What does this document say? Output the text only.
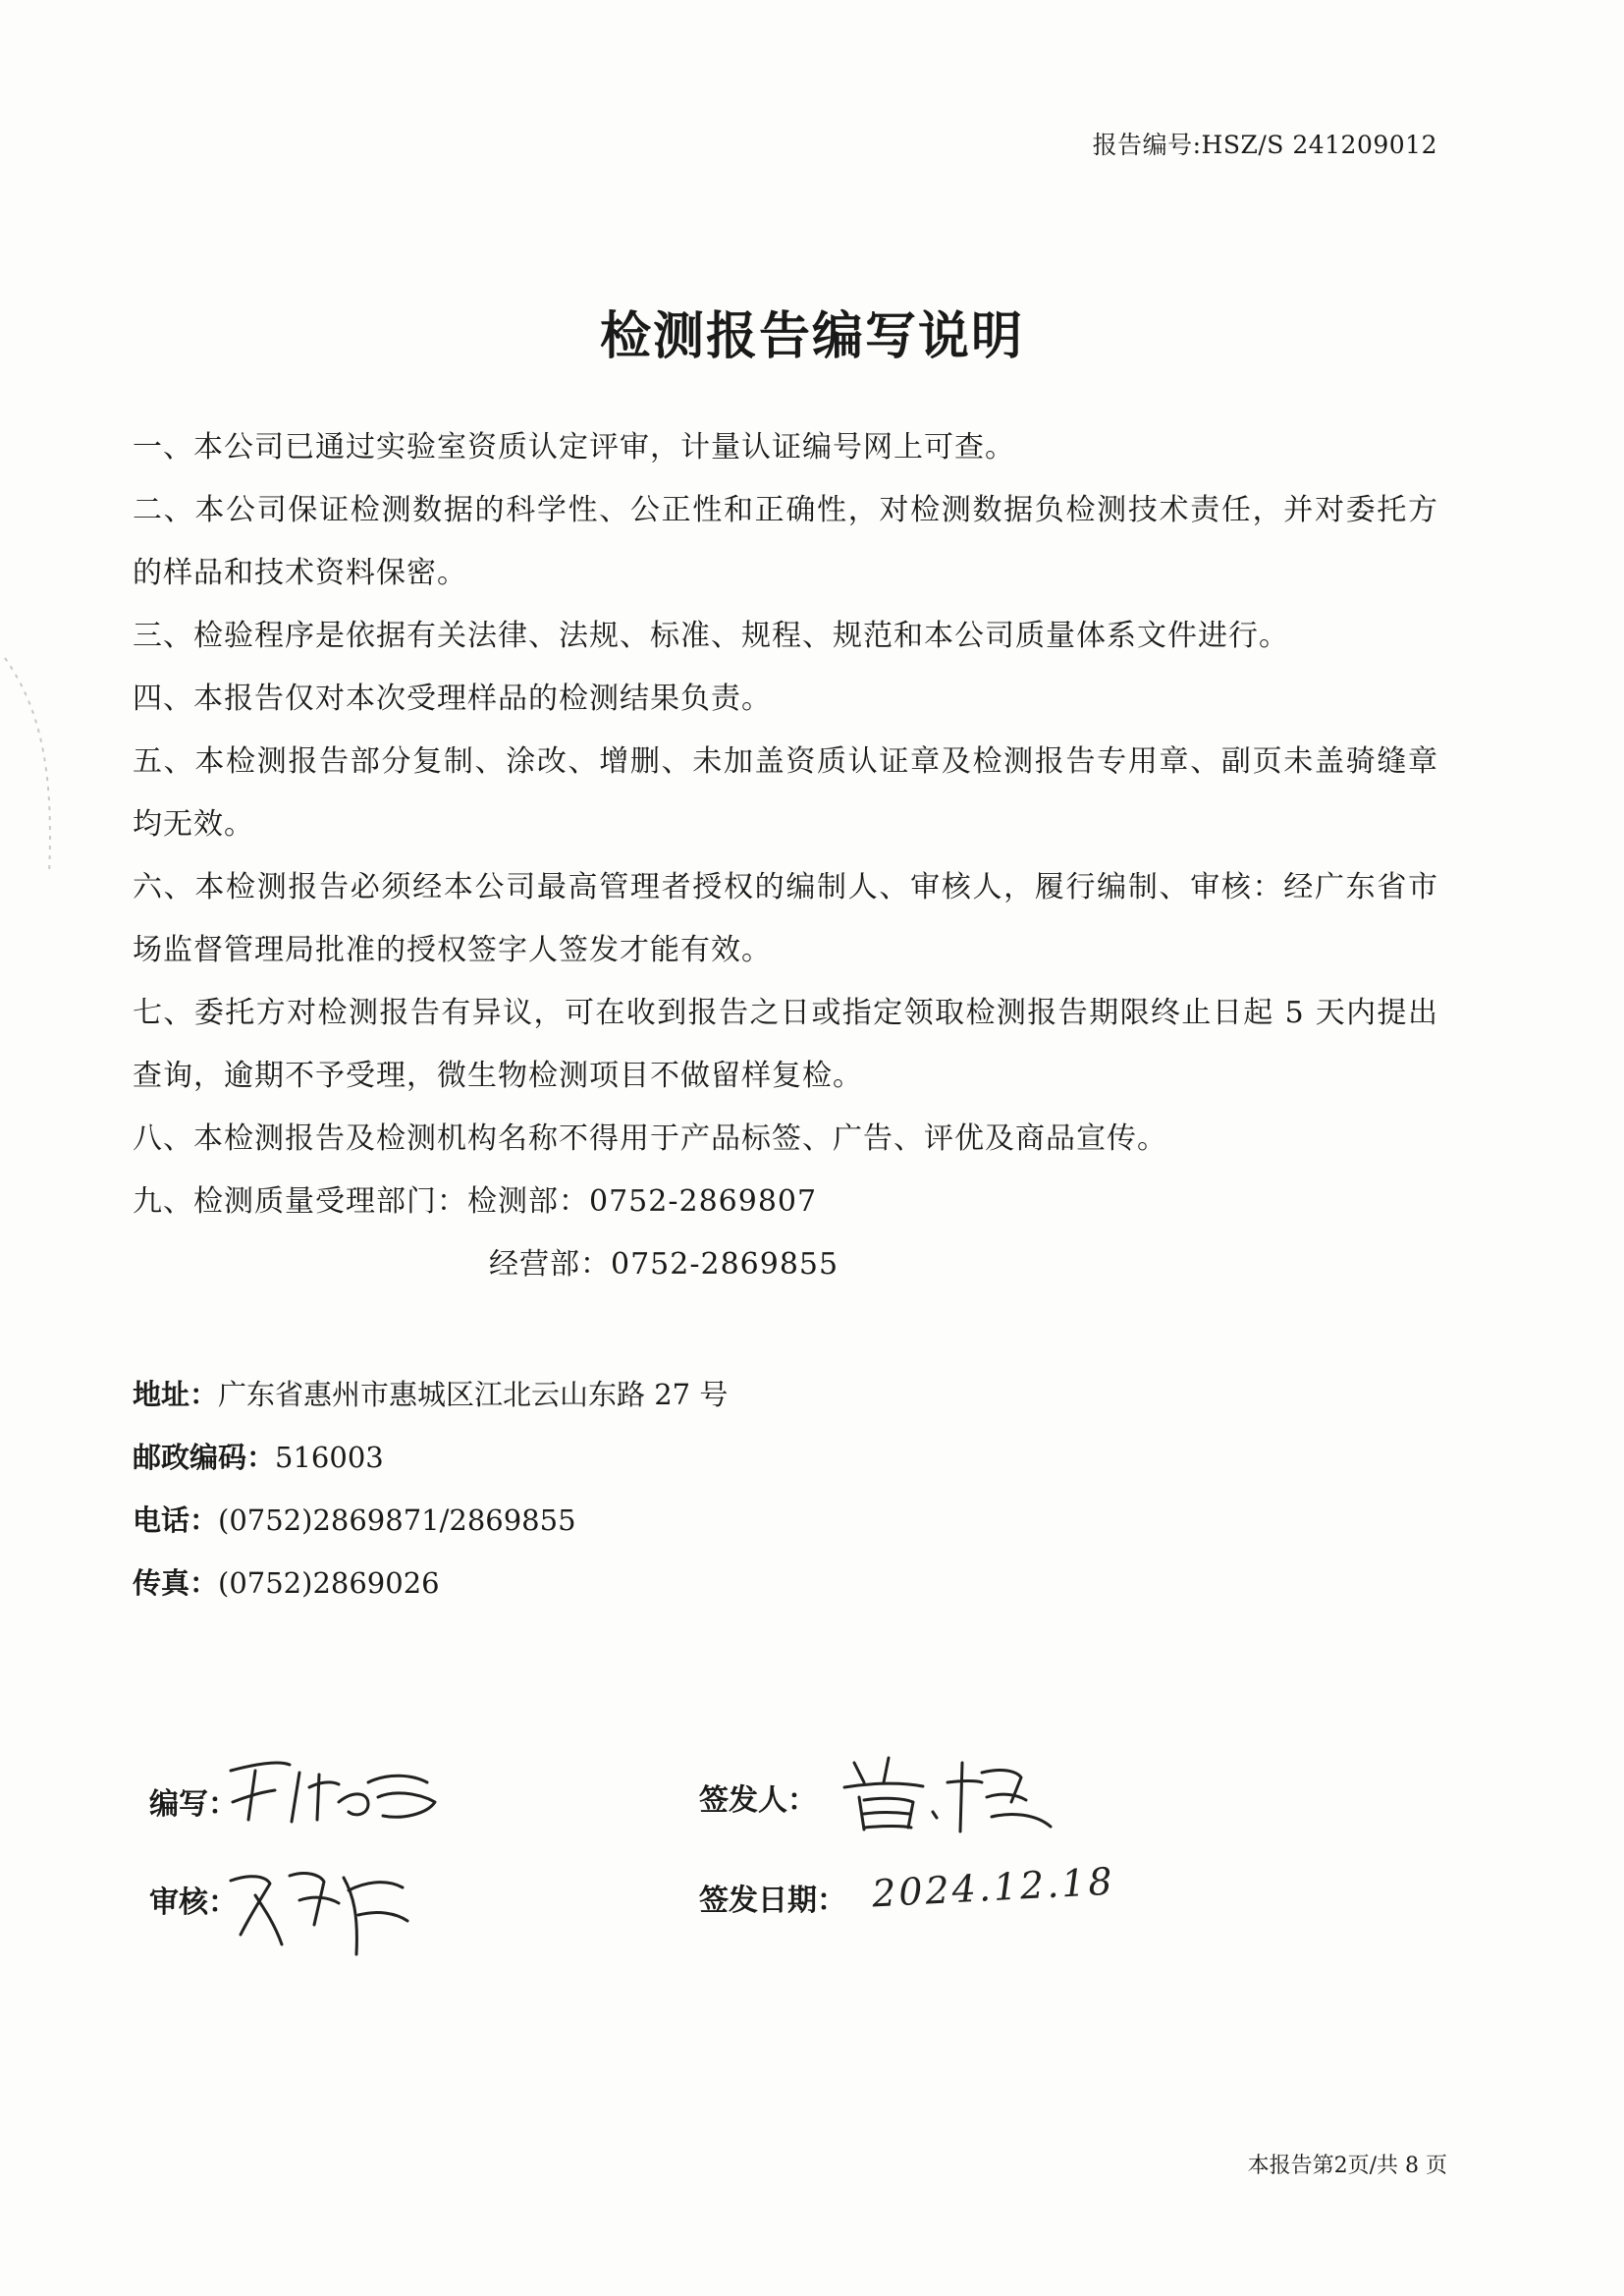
报告编号:HSZ/S 241209012
检测报告编写说明
一、本公司已通过实验室资质认定评审，计量认证编号网上可查。
二、本公司保证检测数据的科学性、公正性和正确性，对检测数据负检测技术责任，并对委托方的样品和技术资料保密。
三、检验程序是依据有关法律、法规、标准、规程、规范和本公司质量体系文件进行。
四、本报告仅对本次受理样品的检测结果负责。
五、本检测报告部分复制、涂改、增删、未加盖资质认证章及检测报告专用章、副页未盖骑缝章均无效。
六、本检测报告必须经本公司最高管理者授权的编制人、审核人，履行编制、审核：经广东省市场监督管理局批准的授权签字人签发才能有效。
七、委托方对检测报告有异议，可在收到报告之日或指定领取检测报告期限终止日起 5 天内提出查询，逾期不予受理，微生物检测项目不做留样复检。
八、本检测报告及检测机构名称不得用于产品标签、广告、评优及商品宣传。
九、检测质量受理部门：检测部：0752-2869807
经营部：0752-2869855
地址：广东省惠州市惠城区江北云山东路 27 号
邮政编码：516003
电话：(0752)2869871/2869855
传真：(0752)2869026
编写：
审核：
签发人：
签发日期： 2024.12.18
本报告第2页/共 8 页
